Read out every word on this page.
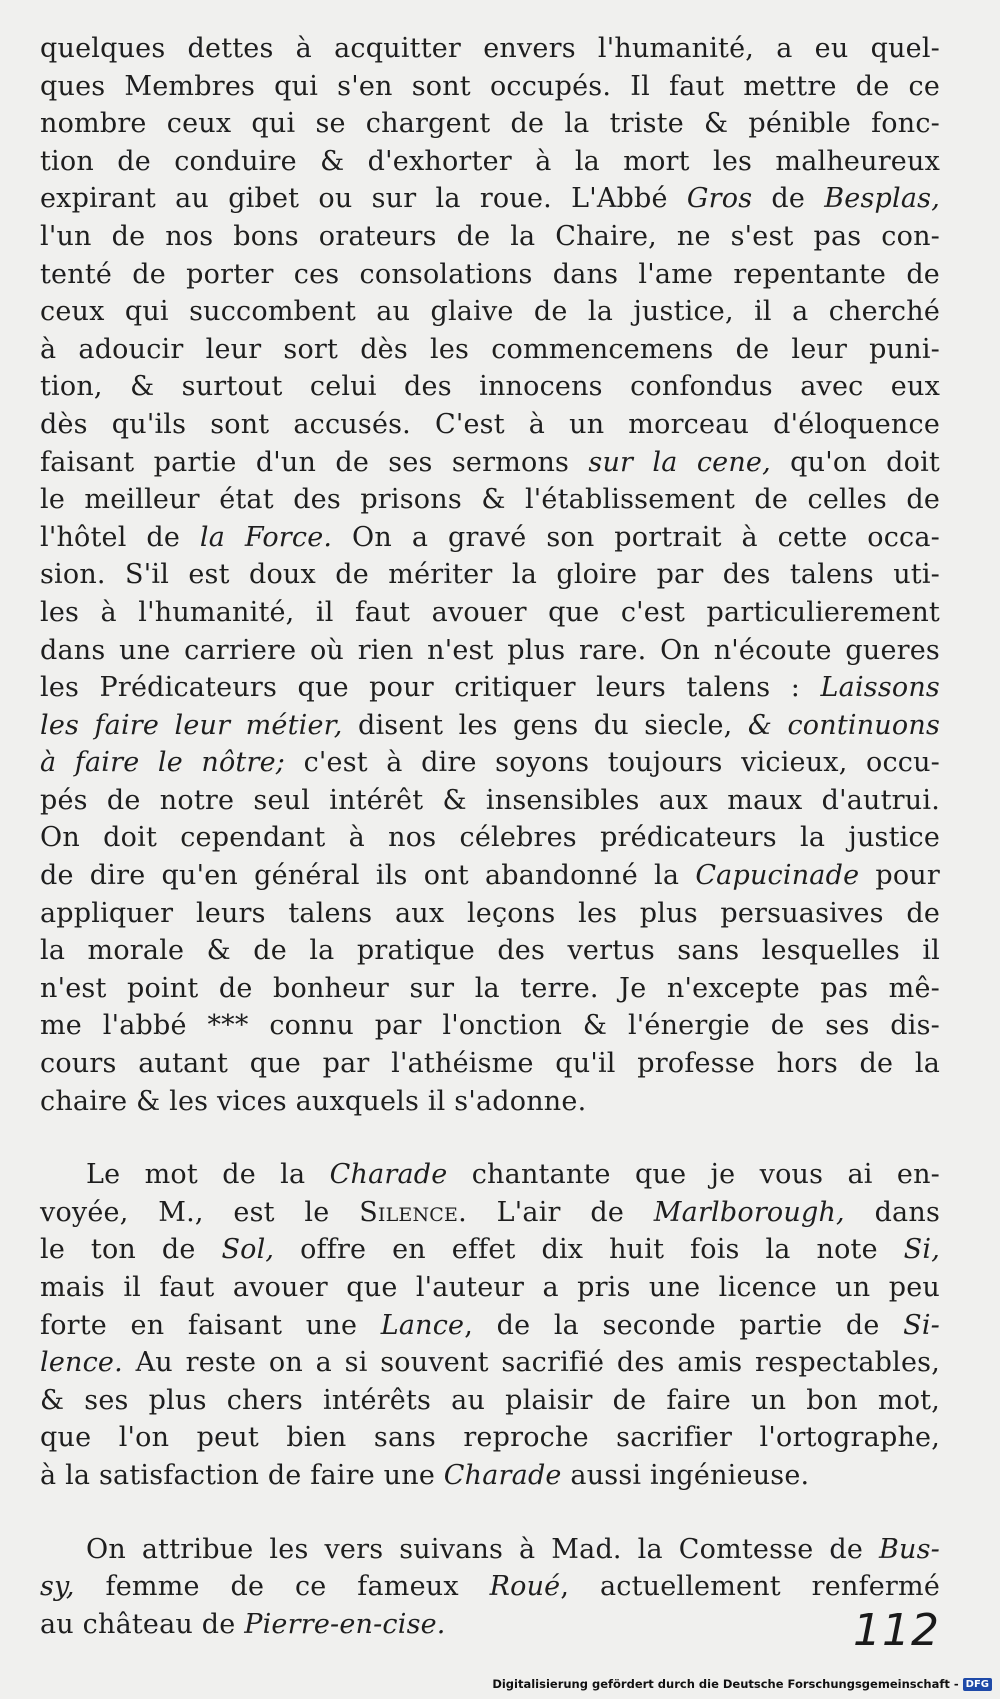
quelques dettes à acquitter envers l'humanité, a eu quel-
ques Membres qui s'en sont occupés. Il faut mettre de ce
nombre ceux qui se chargent de la triste & pénible fonc-
tion de conduire & d'exhorter à la mort les malheureux
expirant au gibet ou sur la roue. L'Abbé Gros de Besplas,
l'un de nos bons orateurs de la Chaire, ne s'est pas con-
tenté de porter ces consolations dans l'ame repentante de
ceux qui succombent au glaive de la justice, il a cherché
à adoucir leur sort dès les commencemens de leur puni-
tion, & surtout celui des innocens confondus avec eux
dès qu'ils sont accusés. C'est à un morceau d'éloquence
faisant partie d'un de ses sermons sur la cene, qu'on doit
le meilleur état des prisons & l'établissement de celles de
l'hôtel de la Force. On a gravé son portrait à cette occa-
sion. S'il est doux de mériter la gloire par des talens uti-
les à l'humanité, il faut avouer que c'est particulierement
dans une carriere où rien n'est plus rare. On n'écoute gueres
les Prédicateurs que pour critiquer leurs talens : Laissons
les faire leur métier, disent les gens du siecle, & continuons
à faire le nôtre; c'est à dire soyons toujours vicieux, occu-
pés de notre seul intérêt & insensibles aux maux d'autrui.
On doit cependant à nos célebres prédicateurs la justice
de dire qu'en général ils ont abandonné la Capucinade pour
appliquer leurs talens aux leçons les plus persuasives de
la morale & de la pratique des vertus sans lesquelles il
n'est point de bonheur sur la terre. Je n'excepte pas mê-
me l'abbé *** connu par l'onction & l'énergie de ses dis-
cours autant que par l'athéisme qu'il professe hors de la
chaire & les vices auxquels il s'adonne.
Le mot de la Charade chantante que je vous ai en-
voyée, M., est le Silence. L'air de Marlborough, dans
le ton de Sol, offre en effet dix huit fois la note Si,
mais il faut avouer que l'auteur a pris une licence un peu
forte en faisant une Lance, de la seconde partie de Si-
lence. Au reste on a si souvent sacrifié des amis respectables,
& ses plus chers intérêts au plaisir de faire un bon mot,
que l'on peut bien sans reproche sacrifier l'ortographe,
à la satisfaction de faire une Charade aussi ingénieuse.
On attribue les vers suivans à Mad. la Comtesse de Bus-
sy, femme de ce fameux Roué, actuellement renfermé
au château de Pierre-en-cise.	112
Digitalisierung gefördert durch die Deutsche Forschungsgemeinschaft - DFG
